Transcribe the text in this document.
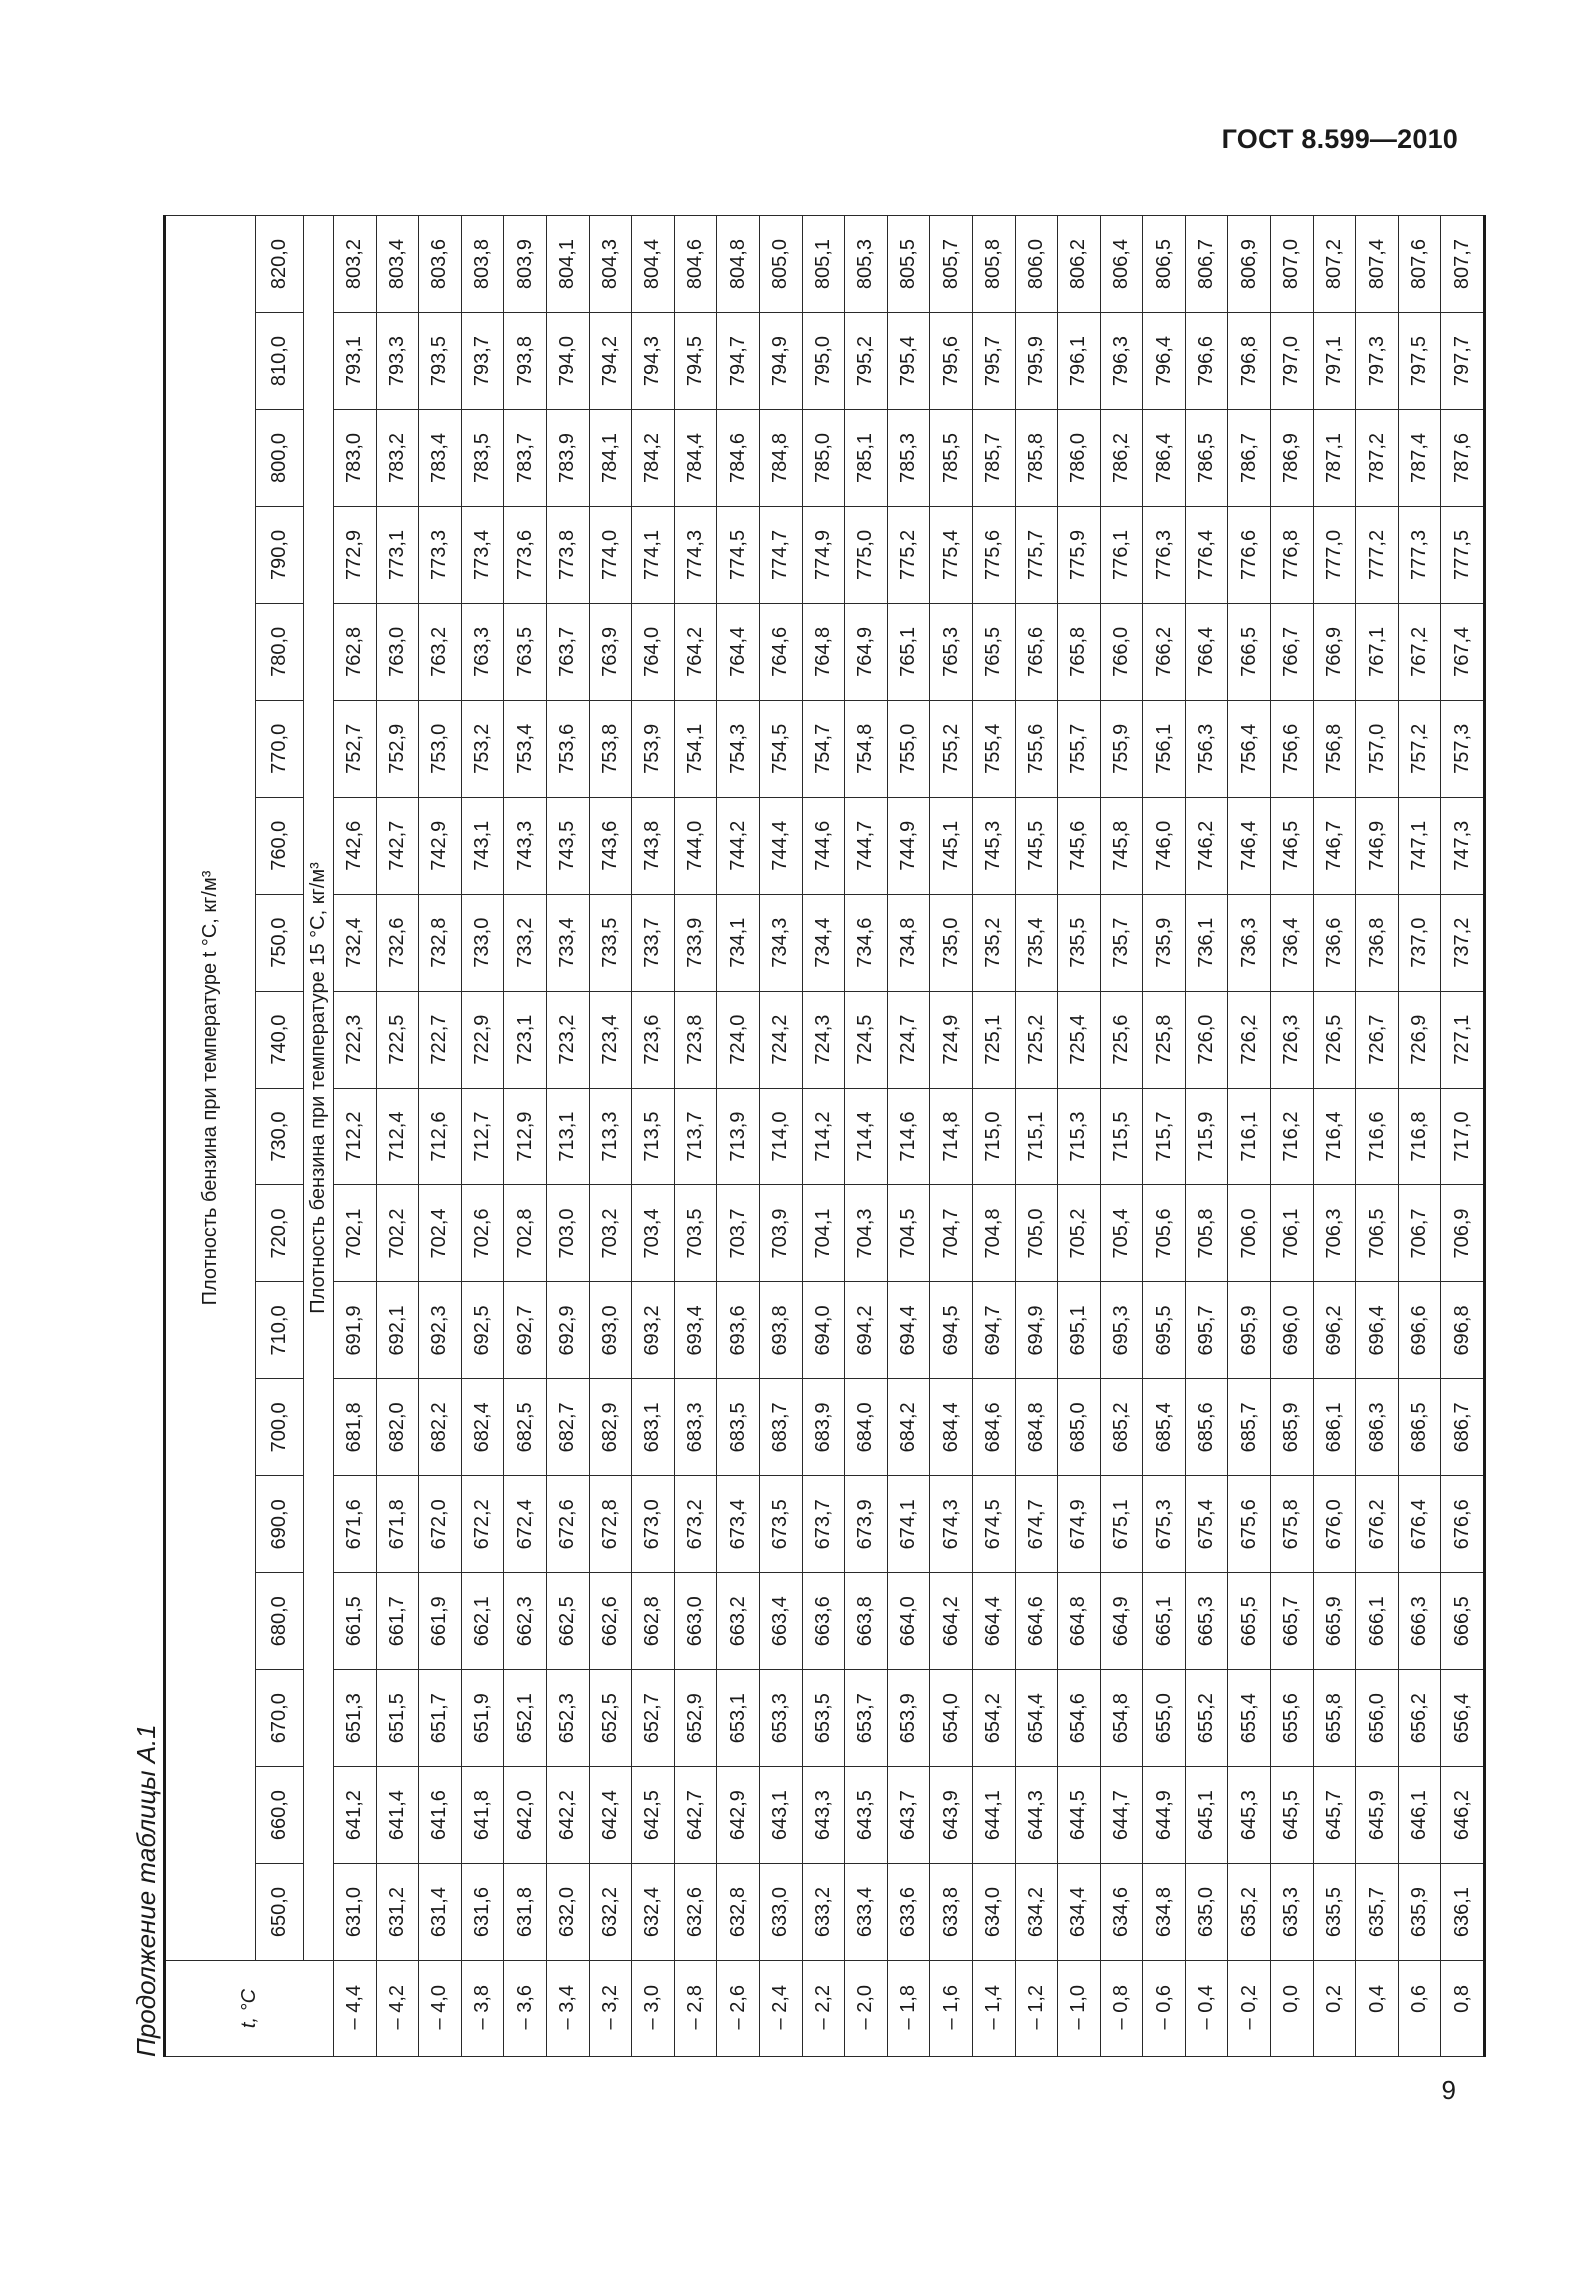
ГОСТ 8.599—2010
Продолжение таблицы А.1	t, °C	Плотность бензина при температуре t °C, кг/м³																	
	650,0	660,0	670,0	680,0	690,0	700,0	710,0	720,0	730,0	740,0	750,0	760,0	770,0	780,0	790,0	800,0	810,0	820,0
	Плотность бензина при температуре 15 °C, кг/м³																	
– 4,4	631,0	641,2	651,3	661,5	671,6	681,8	691,9	702,1	712,2	722,3	732,4	742,6	752,7	762,8	772,9	783,0	793,1	803,2
– 4,2	631,2	641,4	651,5	661,7	671,8	682,0	692,1	702,2	712,4	722,5	732,6	742,7	752,9	763,0	773,1	783,2	793,3	803,4
– 4,0	631,4	641,6	651,7	661,9	672,0	682,2	692,3	702,4	712,6	722,7	732,8	742,9	753,0	763,2	773,3	783,4	793,5	803,6
– 3,8	631,6	641,8	651,9	662,1	672,2	682,4	692,5	702,6	712,7	722,9	733,0	743,1	753,2	763,3	773,4	783,5	793,7	803,8
– 3,6	631,8	642,0	652,1	662,3	672,4	682,5	692,7	702,8	712,9	723,1	733,2	743,3	753,4	763,5	773,6	783,7	793,8	803,9
– 3,4	632,0	642,2	652,3	662,5	672,6	682,7	692,9	703,0	713,1	723,2	733,4	743,5	753,6	763,7	773,8	783,9	794,0	804,1
– 3,2	632,2	642,4	652,5	662,6	672,8	682,9	693,0	703,2	713,3	723,4	733,5	743,6	753,8	763,9	774,0	784,1	794,2	804,3
– 3,0	632,4	642,5	652,7	662,8	673,0	683,1	693,2	703,4	713,5	723,6	733,7	743,8	753,9	764,0	774,1	784,2	794,3	804,4
– 2,8	632,6	642,7	652,9	663,0	673,2	683,3	693,4	703,5	713,7	723,8	733,9	744,0	754,1	764,2	774,3	784,4	794,5	804,6
– 2,6	632,8	642,9	653,1	663,2	673,4	683,5	693,6	703,7	713,9	724,0	734,1	744,2	754,3	764,4	774,5	784,6	794,7	804,8
– 2,4	633,0	643,1	653,3	663,4	673,5	683,7	693,8	703,9	714,0	724,2	734,3	744,4	754,5	764,6	774,7	784,8	794,9	805,0
– 2,2	633,2	643,3	653,5	663,6	673,7	683,9	694,0	704,1	714,2	724,3	734,4	744,6	754,7	764,8	774,9	785,0	795,0	805,1
– 2,0	633,4	643,5	653,7	663,8	673,9	684,0	694,2	704,3	714,4	724,5	734,6	744,7	754,8	764,9	775,0	785,1	795,2	805,3
– 1,8	633,6	643,7	653,9	664,0	674,1	684,2	694,4	704,5	714,6	724,7	734,8	744,9	755,0	765,1	775,2	785,3	795,4	805,5
– 1,6	633,8	643,9	654,0	664,2	674,3	684,4	694,5	704,7	714,8	724,9	735,0	745,1	755,2	765,3	775,4	785,5	795,6	805,7
– 1,4	634,0	644,1	654,2	664,4	674,5	684,6	694,7	704,8	715,0	725,1	735,2	745,3	755,4	765,5	775,6	785,7	795,7	805,8
– 1,2	634,2	644,3	654,4	664,6	674,7	684,8	694,9	705,0	715,1	725,2	735,4	745,5	755,6	765,6	775,7	785,8	795,9	806,0
– 1,0	634,4	644,5	654,6	664,8	674,9	685,0	695,1	705,2	715,3	725,4	735,5	745,6	755,7	765,8	775,9	786,0	796,1	806,2
– 0,8	634,6	644,7	654,8	664,9	675,1	685,2	695,3	705,4	715,5	725,6	735,7	745,8	755,9	766,0	776,1	786,2	796,3	806,4
– 0,6	634,8	644,9	655,0	665,1	675,3	685,4	695,5	705,6	715,7	725,8	735,9	746,0	756,1	766,2	776,3	786,4	796,4	806,5
– 0,4	635,0	645,1	655,2	665,3	675,4	685,6	695,7	705,8	715,9	726,0	736,1	746,2	756,3	766,4	776,4	786,5	796,6	806,7
– 0,2	635,2	645,3	655,4	665,5	675,6	685,7	695,9	706,0	716,1	726,2	736,3	746,4	756,4	766,5	776,6	786,7	796,8	806,9
0,0	635,3	645,5	655,6	665,7	675,8	685,9	696,0	706,1	716,2	726,3	736,4	746,5	756,6	766,7	776,8	786,9	797,0	807,0
0,2	635,5	645,7	655,8	665,9	676,0	686,1	696,2	706,3	716,4	726,5	736,6	746,7	756,8	766,9	777,0	787,1	797,1	807,2
0,4	635,7	645,9	656,0	666,1	676,2	686,3	696,4	706,5	716,6	726,7	736,8	746,9	757,0	767,1	777,2	787,2	797,3	807,4
0,6	635,9	646,1	656,2	666,3	676,4	686,5	696,6	706,7	716,8	726,9	737,0	747,1	757,2	767,2	777,3	787,4	797,5	807,6
0,8	636,1	646,2	656,4	666,5	676,6	686,7	696,8	706,9	717,0	727,1	737,2	747,3	757,3	767,4	777,5	787,6	797,7	807,7
9
